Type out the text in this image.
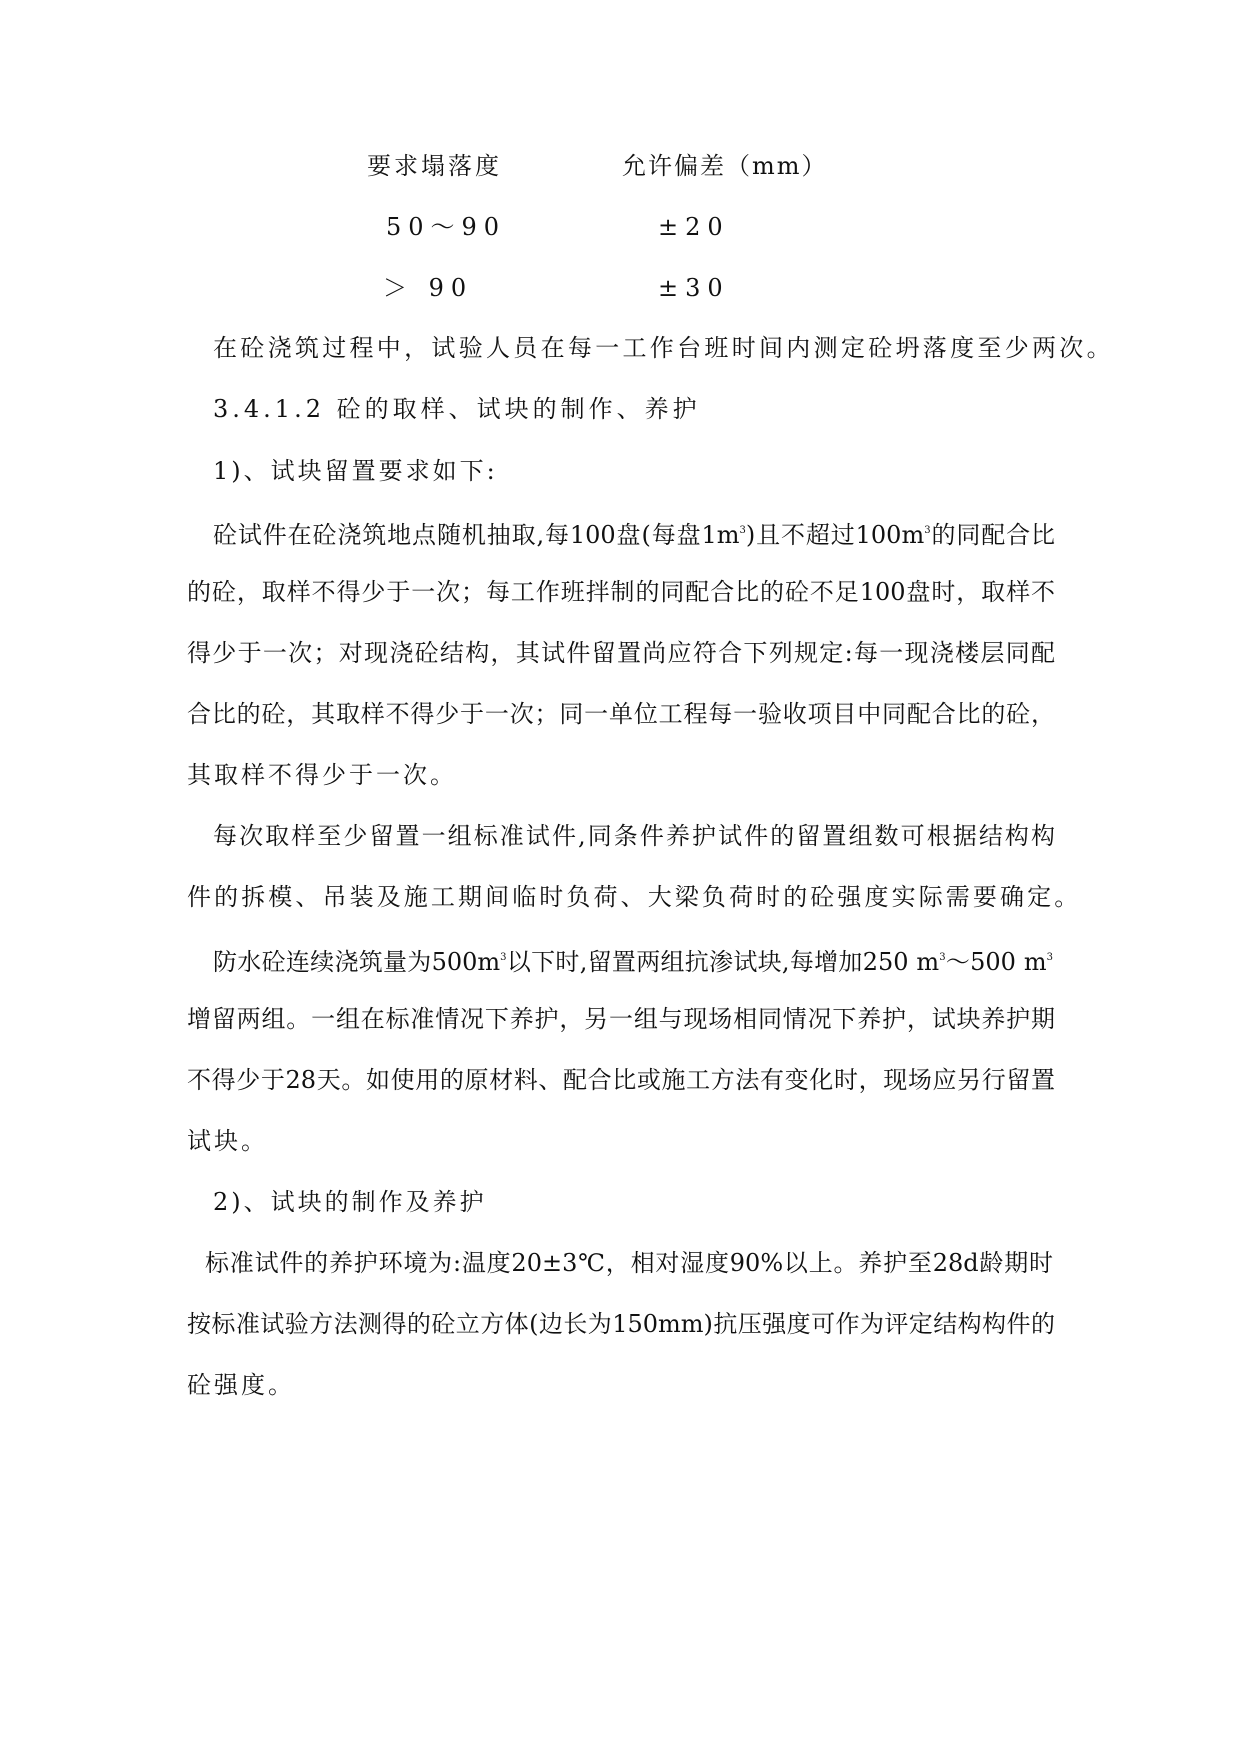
要求塌落度	允许偏差（mm）
50～90	±20
＞ 90	±30
在砼浇筑过程中，试验人员在每一工作台班时间内测定砼坍落度至少两次。
3.4.1.2 砼的取样、试块的制作、养护
1)、试块留置要求如下:
砼试件在砼浇筑地点随机抽取,每100盘(每盘$1m^3$)且不超过$100m^3$的同配合比
的砼，取样不得少于一次；每工作班拌制的同配合比的砼不足100盘时，取样不
得少于一次；对现浇砼结构，其试件留置尚应符合下列规定:每一现浇楼层同配
合比的砼，其取样不得少于一次；同一单位工程每一验收项目中同配合比的砼，
其取样不得少于一次。
每次取样至少留置一组标准试件,同条件养护试件的留置组数可根据结构构
件的拆模、吊装及施工期间临时负荷、大梁负荷时的砼强度实际需要确定。
防水砼连续浇筑量为$500m^3$以下时,留置两组抗渗试块,每增加250 $m^3\sim 500$ $m^3$
增留两组。一组在标准情况下养护，另一组与现场相同情况下养护，试块养护期
不得少于28天。如使用的原材料、配合比或施工方法有变化时，现场应另行留置
试块。
2)、试块的制作及养护
标准试件的养护环境为:温度20±3℃，相对湿度90%以上。养护至28d龄期时
按标准试验方法测得的砼立方体(边长为150mm)抗压强度可作为评定结构构件的
砼强度。
